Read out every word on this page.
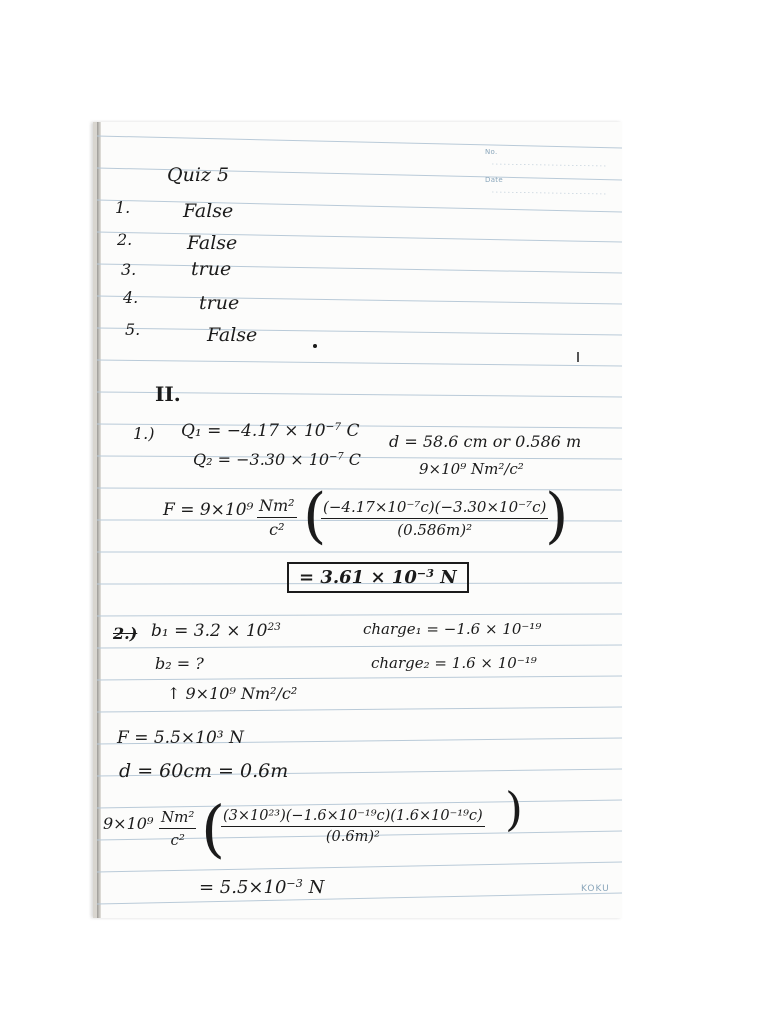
No.
Date
KOKU
Quiz 5
1.	False
2.	False
3.	true
4.	true
5.	False
II.
1.) $Q_1 = -4.17 \times 10^{-7}$ C
$Q_2 = -3.30 \times 10^{-7}$ C
d = 58.6 cm or 0.586 m
9×10⁹ Nm²/c²
$F = 9\times 10^9 \frac{\text{Nm²}}{\text{c²}}$ (
$\frac{\text{(−4.17×10⁻⁷c)(−3.30×10⁻⁷c)}}{\text{(0.586m)²}}$
)
= $3.61 \times 10^{-3}$ N
2.) $b_1 = 3.2 \times 10^{23}$
b₂ = ?
↑ 9×10⁹ Nm²/c²
charge₁ = −1.6 × 10⁻¹⁹
charge₂ = 1.6 × 10⁻¹⁹
F = 5.5×10³ N
d = 60cm = 0.6m
$9\times 10^9 \frac{\text{Nm²}}{\text{c²}}$ (
$\frac{\text{(3×10²³)(−1.6×10⁻¹⁹c)(1.6×10⁻¹⁹c)}}{\text{(0.6m)²}}$ )
= $5.5\times 10^{-3}$ N
